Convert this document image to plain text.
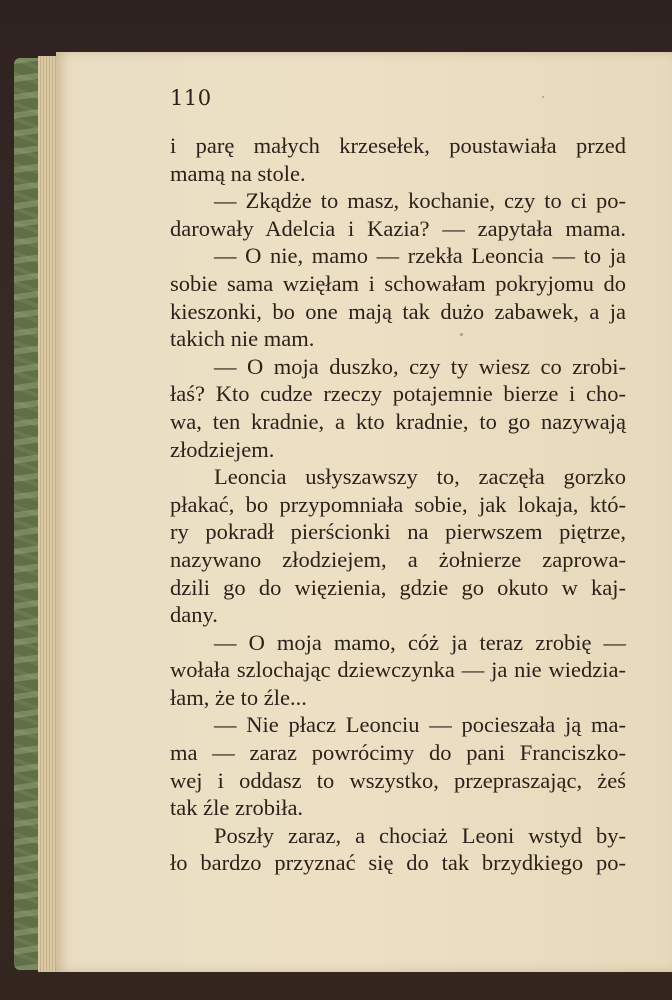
110
i parę małych krzesełek, poustawiała przed
mamą na stole.
— Zkądże to masz, kochanie, czy to ci po-
darowały Adelcia i Kazia? — zapytała mama.
— O nie, mamo — rzekła Leoncia — to ja
sobie sama wzięłam i schowałam pokryjomu do
kieszonki, bo one mają tak dużo zabawek, a ja
takich nie mam.
— O moja duszko, czy ty wiesz co zrobi-
łaś? Kto cudze rzeczy potajemnie bierze i cho-
wa, ten kradnie, a kto kradnie, to go nazywają
złodziejem.
Leoncia usłyszawszy to, zaczęła gorzko
płakać, bo przypomniała sobie, jak lokaja, któ-
ry pokradł pierścionki na pierwszem piętrze,
nazywano złodziejem, a żołnierze zaprowa-
dzili go do więzienia, gdzie go okuto w kaj-
dany.
— O moja mamo, cóż ja teraz zrobię —
wołała szlochając dziewczynka — ja nie wiedzia-
łam, że to źle...
— Nie płacz Leonciu — pocieszała ją ma-
ma — zaraz powrócimy do pani Franciszko-
wej i oddasz to wszystko, przepraszając, żeś
tak źle zrobiła.
Poszły zaraz, a chociaż Leoni wstyd by-
ło bardzo przyznać się do tak brzydkiego po-
